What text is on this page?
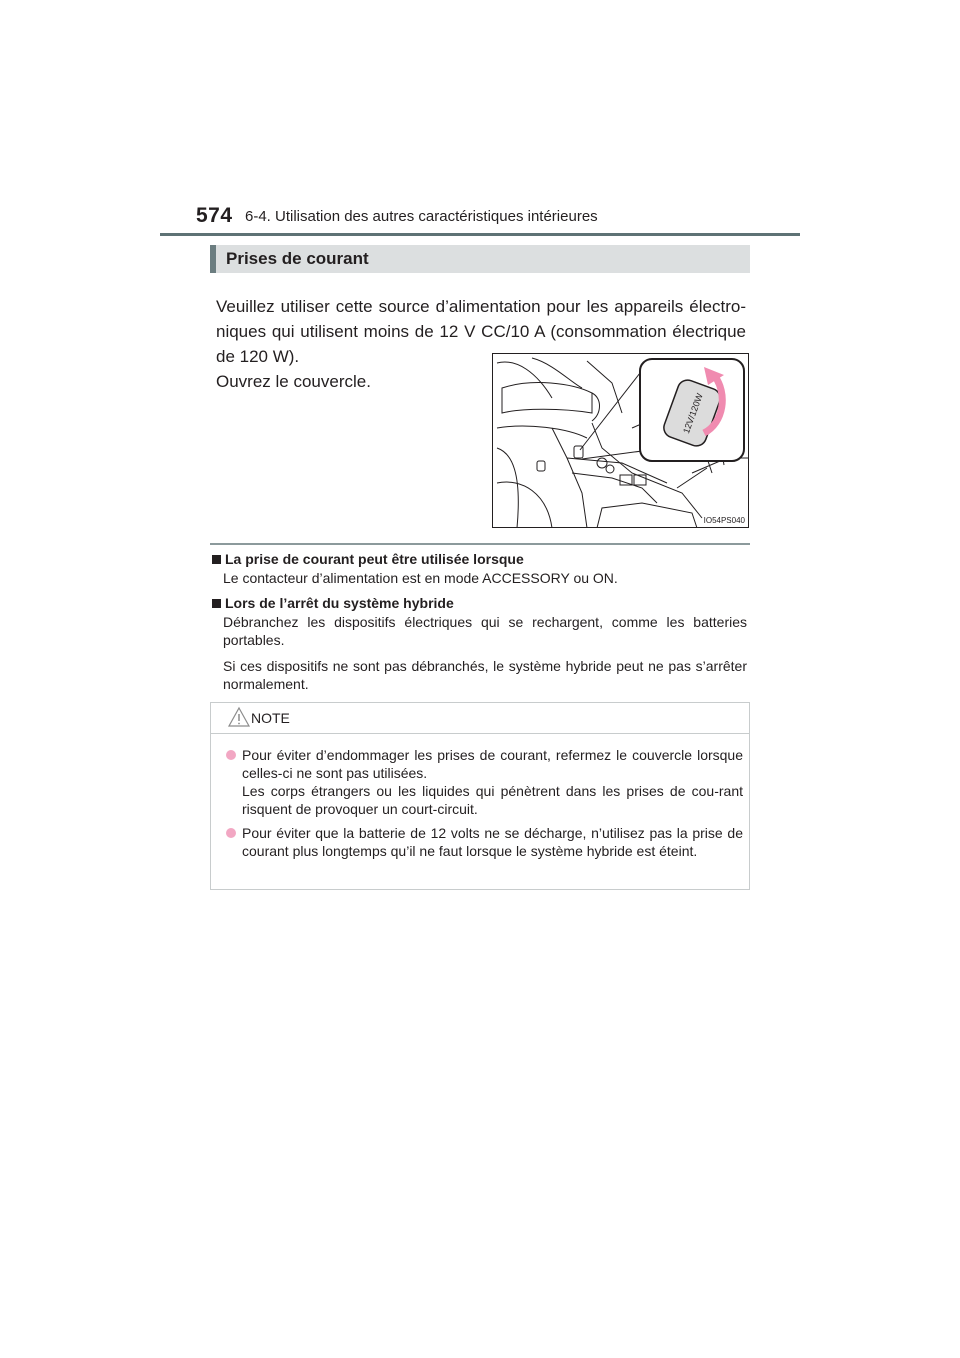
574 6-4. Utilisation des autres caractéristiques intérieures
Prises de courant

Veuillez utiliser cette source d’alimentation pour les appareils électro-niques qui utilisent moins de 12 V CC/10 A (consommation électrique de 120 W).

Ouvrez le couvercle.

12V/120W
IO54PS040

La prise de courant peut être utilisée lorsque

Le contacteur d’alimentation est en mode ACCESSORY ou ON.

Lors de l’arrêt du système hybride

Débranchez les dispositifs électriques qui se rechargent, comme les batteries portables.

Si ces dispositifs ne sont pas débranchés, le système hybride peut ne pas s’arrêter normalement.

NOTE
Pour éviter d’endommager les prises de courant, refermez le couvercle lorsque celles-ci ne sont pas utilisées.
Les corps étrangers ou les liquides qui pénètrent dans les prises de cou-rant risquent de provoquer un court-circuit.
Pour éviter que la batterie de 12 volts ne se décharge, n’utilisez pas la prise de courant plus longtemps qu’il ne faut lorsque le système hybride est éteint.
